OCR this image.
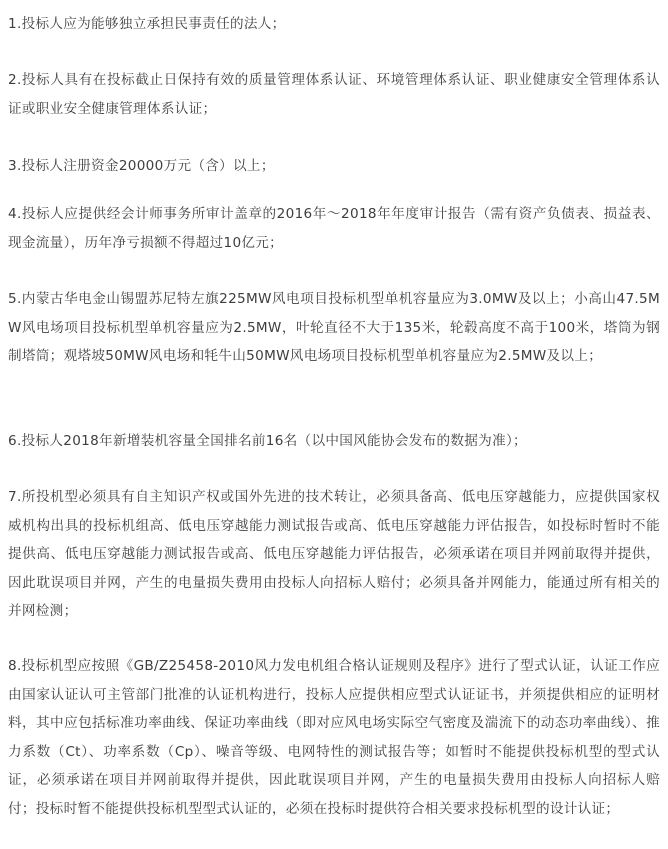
1.投标人应为能够独立承担民事责任的法人；

2.投标人具有在投标截止日保持有效的质量管理体系认证、环境管理体系认证、职业健康安全管理体系认证或职业安全健康管理体系认证；

3.投标人注册资金20000万元（含）以上；

4.投标人应提供经会计师事务所审计盖章的2016年～2018年年度审计报告（需有资产负债表、损益表、现金流量），历年净亏损额不得超过10亿元；

5.内蒙古华电金山锡盟苏尼特左旗225MW风电项目投标机型单机容量应为3.0MW及以上；小高山47.5MW风电场项目投标机型单机容量应为2.5MW，叶轮直径不大于135米，轮毂高度不高于100米，塔筒为钢制塔筒；观塔坡50MW风电场和牦牛山50MW风电场项目投标机型单机容量应为2.5MW及以上；

6.投标人2018年新增装机容量全国排名前16名（以中国风能协会发布的数据为准）；

7.所投机型必须具有自主知识产权或国外先进的技术转让，必须具备高、低电压穿越能力，应提供国家权威机构出具的投标机组高、低电压穿越能力测试报告或高、低电压穿越能力评估报告，如投标时暂时不能提供高、低电压穿越能力测试报告或高、低电压穿越能力评估报告，必须承诺在项目并网前取得并提供，因此耽误项目并网，产生的电量损失费用由投标人向招标人赔付；必须具备并网能力，能通过所有相关的并网检测；

8.投标机型应按照《GB/Z25458-2010风力发电机组合格认证规则及程序》进行了型式认证，认证工作应由国家认证认可主管部门批准的认证机构进行，投标人应提供相应型式认证证书，并须提供相应的证明材料，其中应包括标准功率曲线、保证功率曲线（即对应风电场实际空气密度及湍流下的动态功率曲线）、推力系数（Ct）、功率系数（Cp）、噪音等级、电网特性的测试报告等；如暂时不能提供投标机型的型式认证，必须承诺在项目并网前取得并提供，因此耽误项目并网，产生的电量损失费用由投标人向招标人赔付；投标时暂不能提供投标机型型式认证的，必须在投标时提供符合相关要求投标机型的设计认证；
